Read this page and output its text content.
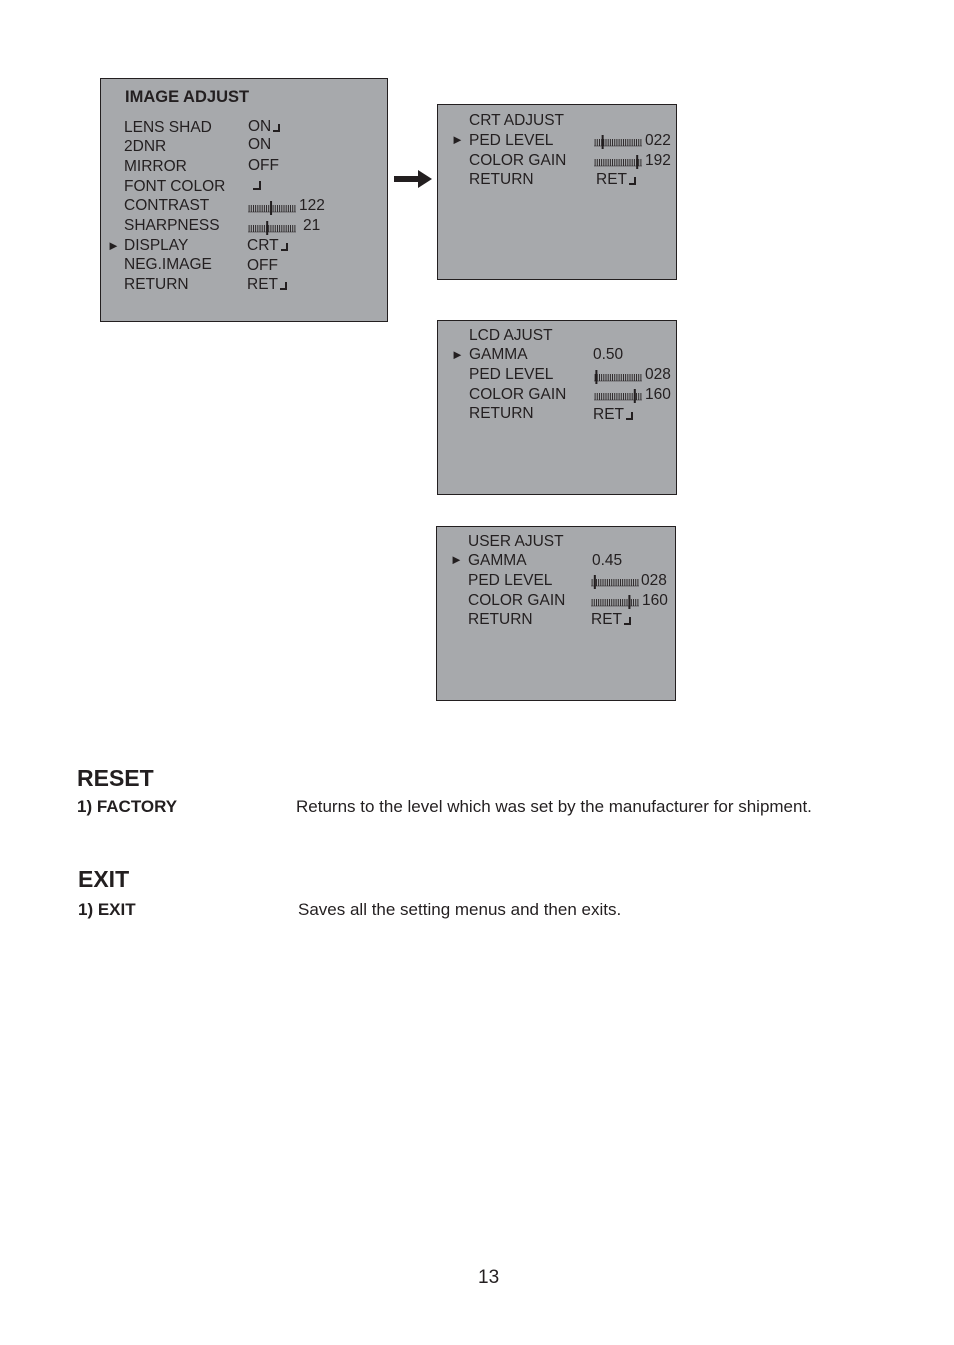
IMAGE ADJUST
LENS SHAD ON
2DNR	ON
MIRROR	OFF
FONT COLOR
CONTRAST	122
SHARPNESS	21
► DISPLAY	CRT
NEG.IMAGE OFF
RETURN	RET
CRT ADJUST
► PED LEVEL	022
COLOR GAIN	192
RETURN	RET
LCD AJUST
► GAMMA	0.50
PED LEVEL	028
COLOR GAIN	160
RETURN	RET
USER AJUST
► GAMMA	0.45
PED LEVEL	028
COLOR GAIN	160
RETURN	RET
RESET
1) FACTORY	Returns to the level which was set by the manufacturer for shipment.
EXIT
1) EXIT	Saves all the setting menus and then exits.
13
